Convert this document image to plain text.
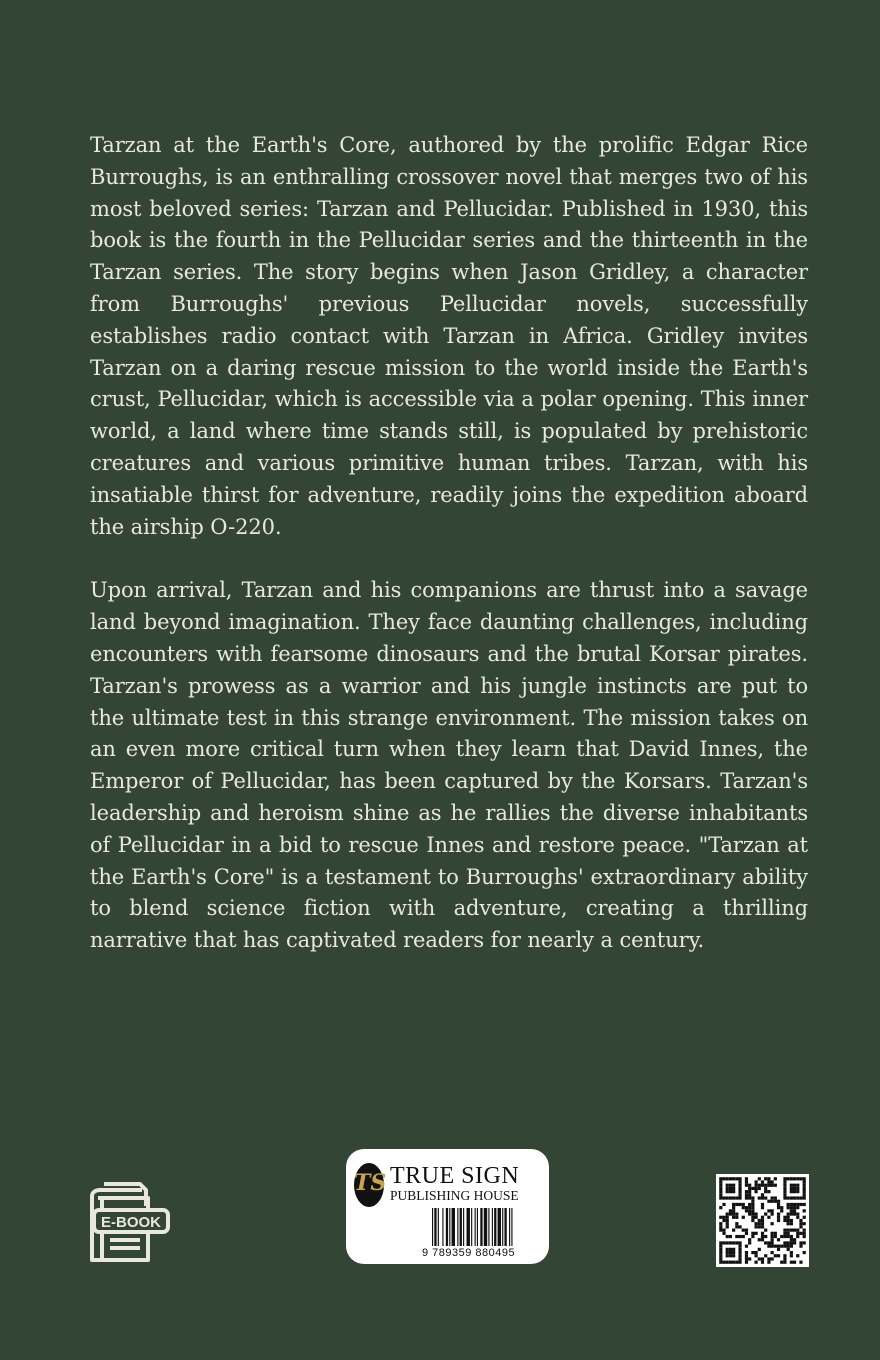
Tarzan at the Earth's Core, authored by the prolific Edgar Rice Burroughs, is an enthralling crossover novel that merges two of his most beloved series: Tarzan and Pellucidar. Published in 1930, this book is the fourth in the Pellucidar series and the thirteenth in the Tarzan series. The story begins when Jason Gridley, a character from Burroughs' previous Pellucidar novels, successfully establishes radio contact with Tarzan in Africa. Gridley invites Tarzan on a daring rescue mission to the world inside the Earth's crust, Pellucidar, which is accessible via a polar opening. This inner world, a land where time stands still, is populated by prehistoric creatures and various primitive human tribes. Tarzan, with his insatiable thirst for adventure, readily joins the expedition aboard the airship O-220.

Upon arrival, Tarzan and his companions are thrust into a savage land beyond imagination. They face daunting challenges, including encounters with fearsome dinosaurs and the brutal Korsar pirates. Tarzan's prowess as a warrior and his jungle instincts are put to the ultimate test in this strange environment. The mission takes on an even more critical turn when they learn that David Innes, the Emperor of Pellucidar, has been captured by the Korsars. Tarzan's leadership and heroism shine as he rallies the diverse inhabitants of Pellucidar in a bid to rescue Innes and restore peace. "Tarzan at the Earth's Core" is a testament to Burroughs' extraordinary ability to blend science fiction with adventure, creating a thrilling narrative that has captivated readers for nearly a century.

E-BOOK
TS TRUE SIGN
PUBLISHING HOUSE
9 789359 880495
